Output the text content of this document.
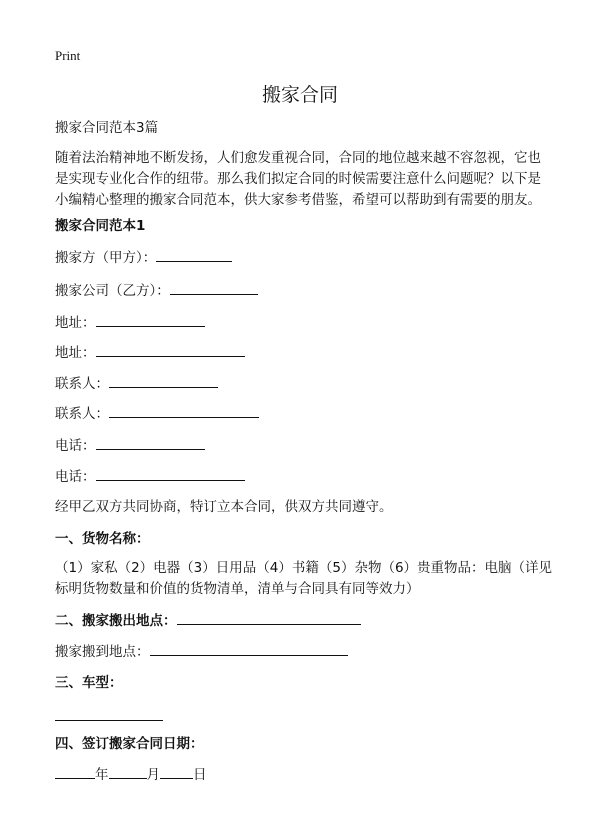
Print
搬家合同
搬家合同范本3篇
随着法治精神地不断发扬，人们愈发重视合同，合同的地位越来越不容忽视，它也
是实现专业化合作的纽带。那么我们拟定合同的时候需要注意什么问题呢？以下是
小编精心整理的搬家合同范本，供大家参考借鉴，希望可以帮助到有需要的朋友。
搬家合同范本1
搬家方（甲方）：
搬家公司（乙方）：
地址：
地址：
联系人：
联系人：
电话：
电话：
经甲乙双方共同协商，特订立本合同，供双方共同遵守。
一、货物名称：
（1）家私（2）电器（3）日用品（4）书籍（5）杂物（6）贵重物品：电脑（详见
标明货物数量和价值的货物清单，清单与合同具有同等效力）
二、搬家搬出地点：
搬家搬到地点：
三、车型：
四、签订搬家合同日期：
年	月 日
